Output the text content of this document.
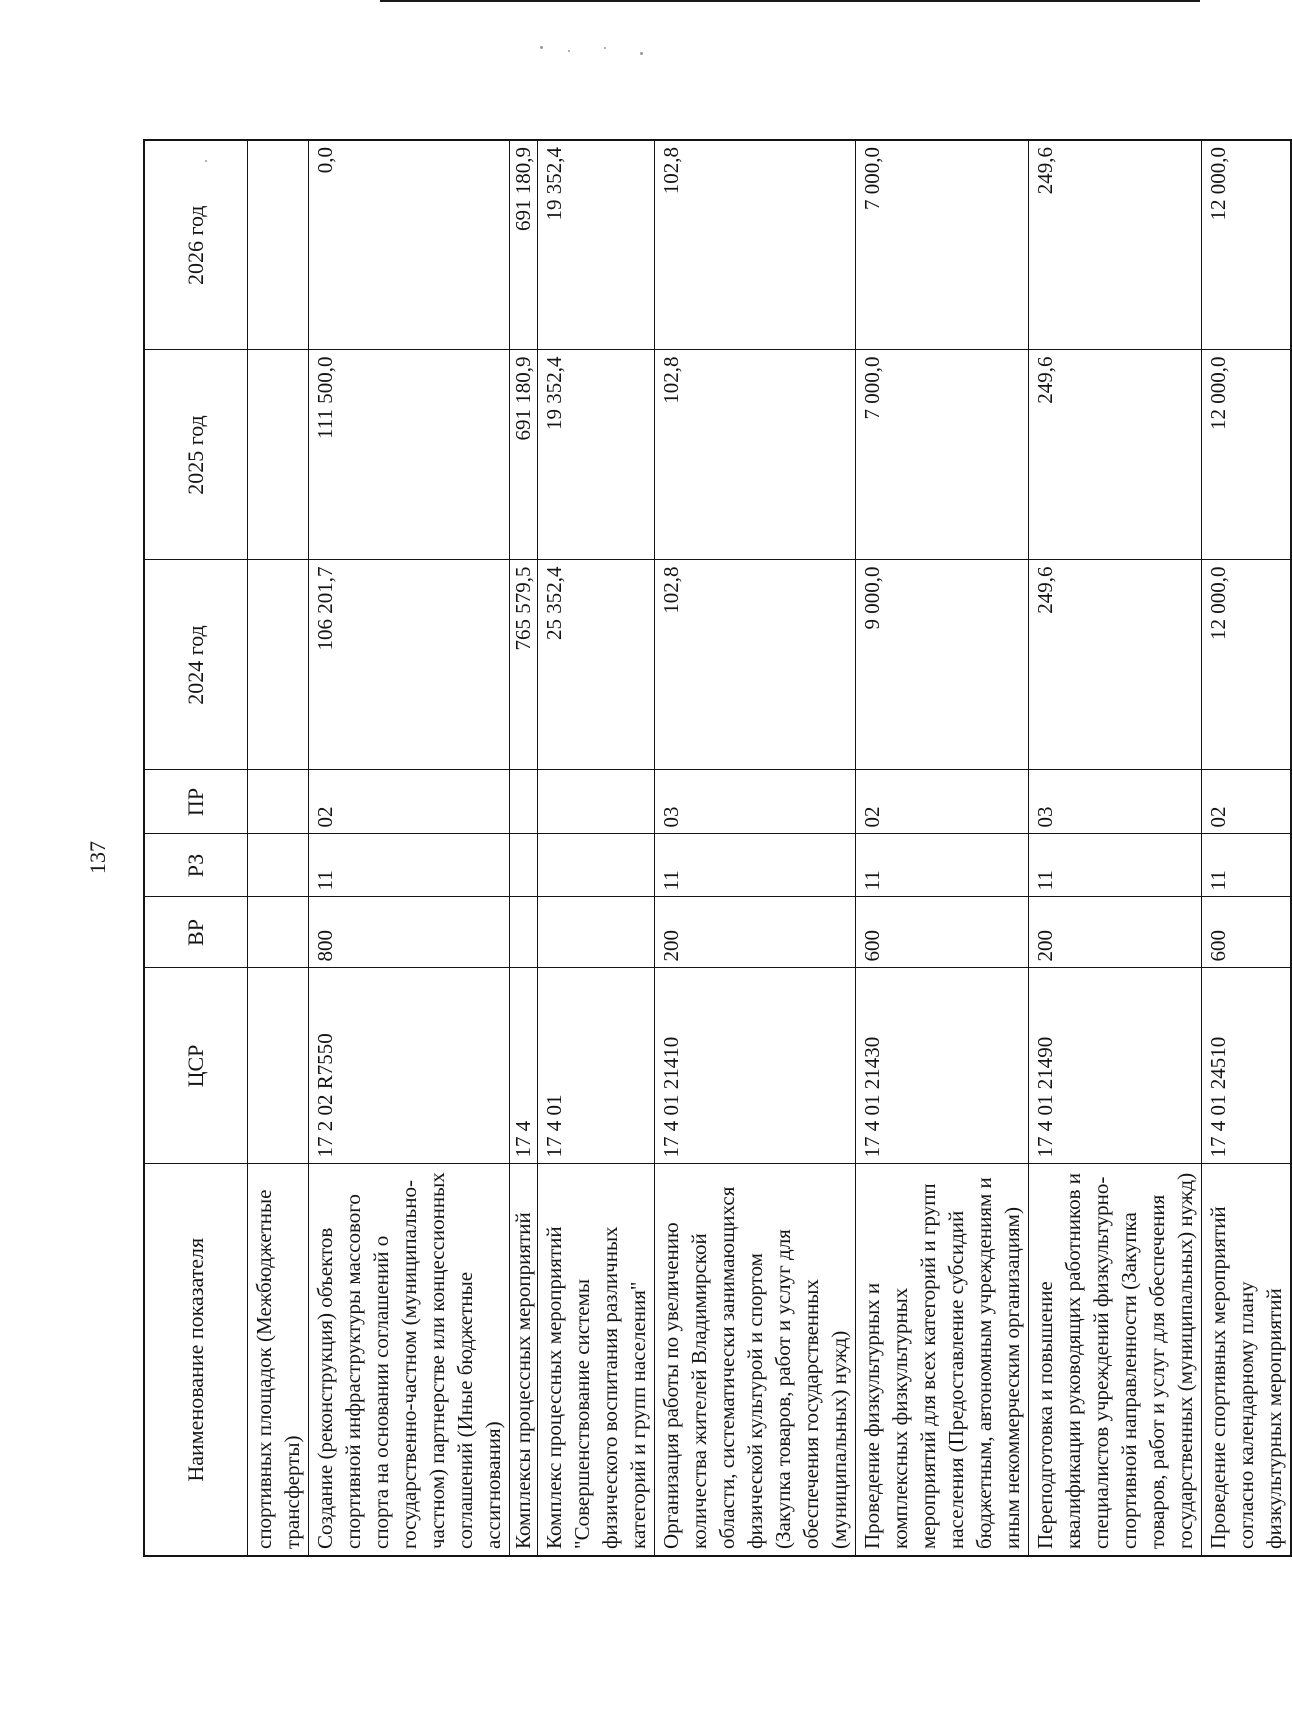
137
Наименование показателя	ЦСР	ВР	РЗ	ПР	2024 год	2025 год	2026 год
спортивных площадок (Межбюджетные трансферты)							
Создание (реконструкция) объектов спортивной инфраструктуры массового спорта на основании соглашений о государственно-частном (муниципально-частном) партнерстве или концессионных соглашений (Иные бюджетные ассигнования)	17 2 02 R7550	800	11	02	106 201,7	111 500,0	0,0
Комплексы процессных мероприятий	17 4				765 579,5	691 180,9	691 180,9
Комплекс процессных мероприятий "Совершенствование системы физического воспитания различных категорий и групп населения"	17 4 01				25 352,4	19 352,4	19 352,4
Организация работы по увеличению количества жителей Владимирской области, систематически занимающихся физической культурой и спортом (Закупка товаров, работ и услуг для обеспечения государственных (муниципальных) нужд)	17 4 01 21410	200	11	03	102,8	102,8	102,8
Проведение физкультурных и комплексных физкультурных мероприятий для всех категорий и групп населения (Предоставление субсидий бюджетным, автономным учреждениям и иным некоммерческим организациям)	17 4 01 21430	600	11	02	9 000,0	7 000,0	7 000,0
Переподготовка и повышение квалификации руководящих работников и специалистов учреждений физкультурно-спортивной направленности (Закупка товаров, работ и услуг для обеспечения государственных (муниципальных) нужд)	17 4 01 21490	200	11	03	249,6	249,6	249,6
Проведение спортивных мероприятий согласно календарному плану физкультурных мероприятий	17 4 01 24510	600	11	02	12 000,0	12 000,0	12 000,0
